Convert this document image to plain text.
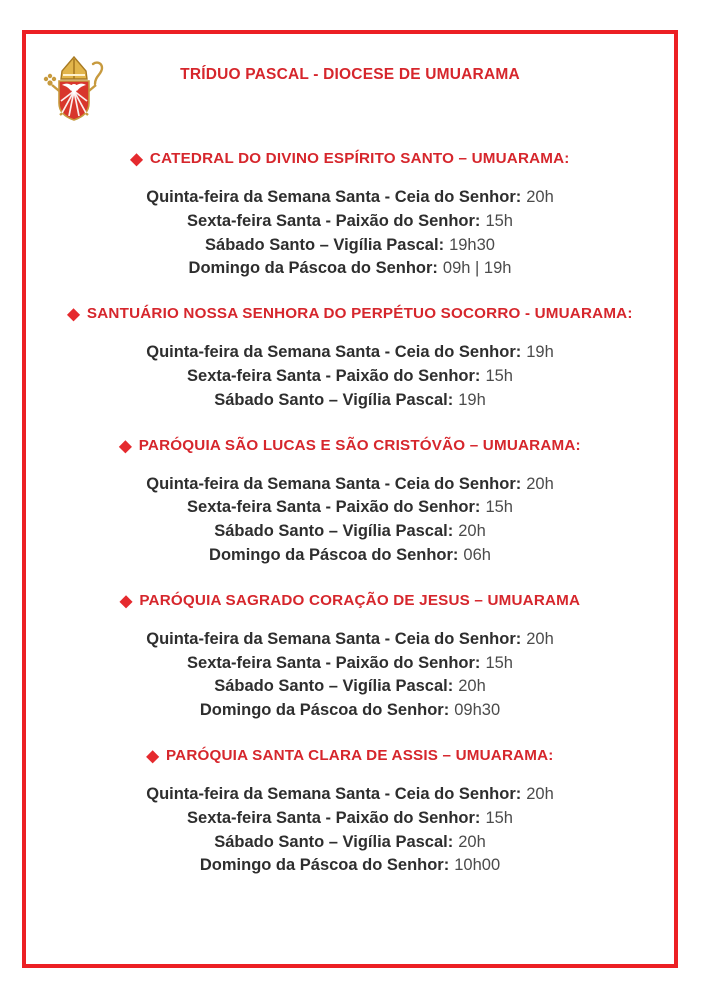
TRÍDUO PASCAL - DIOCESE DE UMUARAMA
◆ CATEDRAL DO DIVINO ESPÍRITO SANTO – UMUARAMA:
Quinta-feira da Semana Santa - Ceia do Senhor: 20h
Sexta-feira Santa - Paixão do Senhor: 15h
Sábado Santo – Vigília Pascal: 19h30
Domingo da Páscoa do Senhor: 09h | 19h
◆ SANTUÁRIO NOSSA SENHORA DO PERPÉTUO SOCORRO - UMUARAMA:
Quinta-feira da Semana Santa - Ceia do Senhor: 19h
Sexta-feira Santa - Paixão do Senhor: 15h
Sábado Santo – Vigília Pascal: 19h
◆ PARÓQUIA SÃO LUCAS E SÃO CRISTÓVÃO – UMUARAMA:
Quinta-feira da Semana Santa - Ceia do Senhor: 20h
Sexta-feira Santa - Paixão do Senhor: 15h
Sábado Santo – Vigília Pascal: 20h
Domingo da Páscoa do Senhor: 06h
◆ PARÓQUIA SAGRADO CORAÇÃO DE JESUS – UMUARAMA
Quinta-feira da Semana Santa - Ceia do Senhor: 20h
Sexta-feira Santa - Paixão do Senhor: 15h
Sábado Santo – Vigília Pascal: 20h
Domingo da Páscoa do Senhor: 09h30
◆ PARÓQUIA SANTA CLARA DE ASSIS – UMUARAMA:
Quinta-feira da Semana Santa - Ceia do Senhor: 20h
Sexta-feira Santa - Paixão do Senhor: 15h
Sábado Santo – Vigília Pascal: 20h
Domingo da Páscoa do Senhor: 10h00
